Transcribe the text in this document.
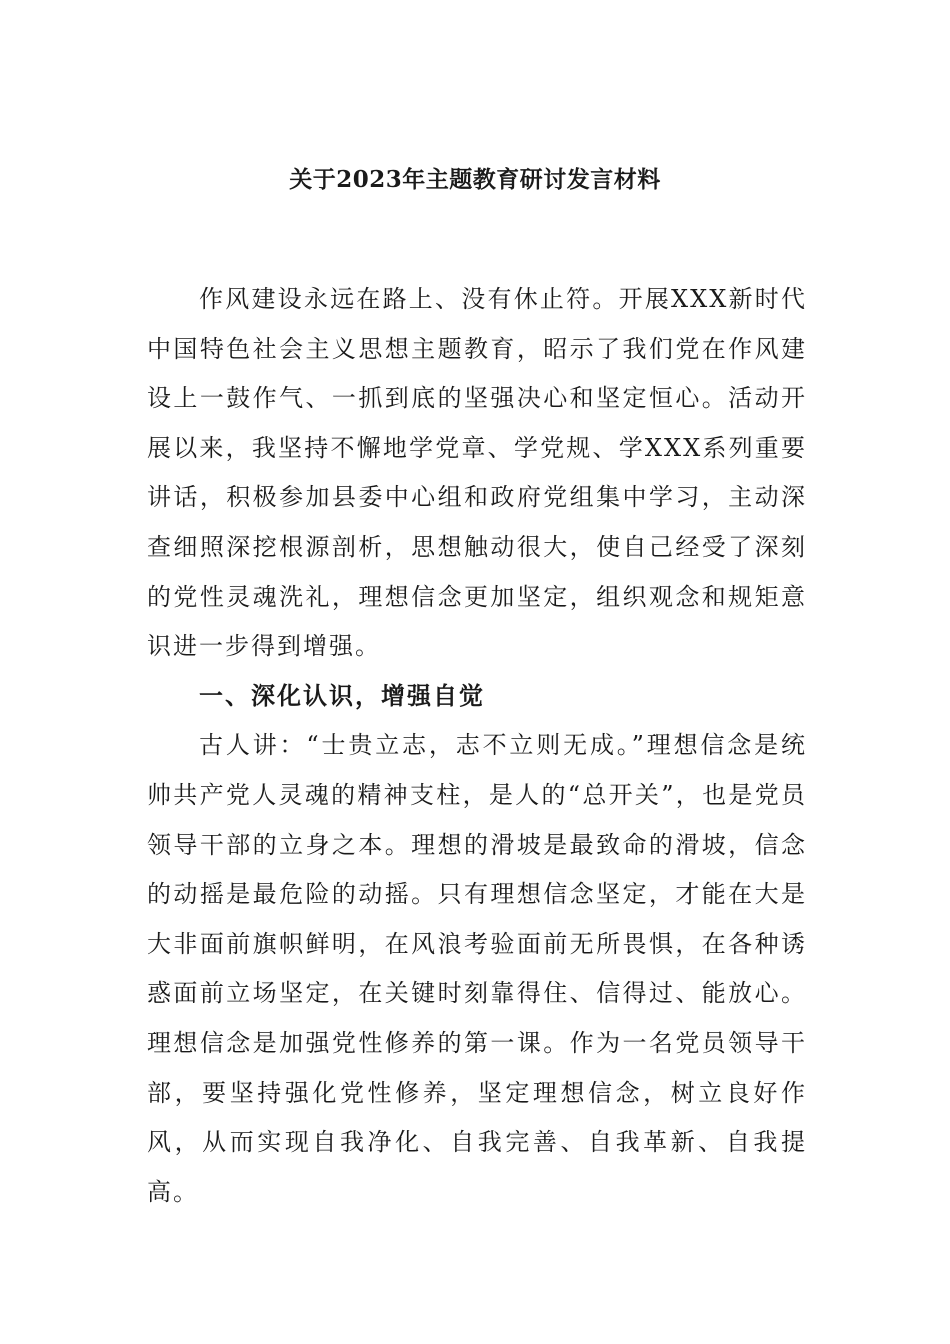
关于2023年主题教育研讨发言材料

作风建设永远在路上、没有休止符。开展XXX新时代中国特色社会主义思想主题教育，昭示了我们党在作风建设上一鼓作气、一抓到底的坚强决心和坚定恒心。活动开展以来，我坚持不懈地学党章、学党规、学XXX系列重要讲话，积极参加县委中心组和政府党组集中学习，主动深查细照深挖根源剖析，思想触动很大，使自己经受了深刻的党性灵魂洗礼，理想信念更加坚定，组织观念和规矩意识进一步得到增强。

一、深化认识，增强自觉

古人讲：“士贵立志，志不立则无成。”理想信念是统帅共产党人灵魂的精神支柱，是人的“总开关”，也是党员领导干部的立身之本。理想的滑坡是最致命的滑坡，信念的动摇是最危险的动摇。只有理想信念坚定，才能在大是大非面前旗帜鲜明，在风浪考验面前无所畏惧，在各种诱惑面前立场坚定，在关键时刻靠得住、信得过、能放心。理想信念是加强党性修养的第一课。作为一名党员领导干部，要坚持强化党性修养，坚定理想信念，树立良好作风，从而实现自我净化、自我完善、自我革新、自我提高。
